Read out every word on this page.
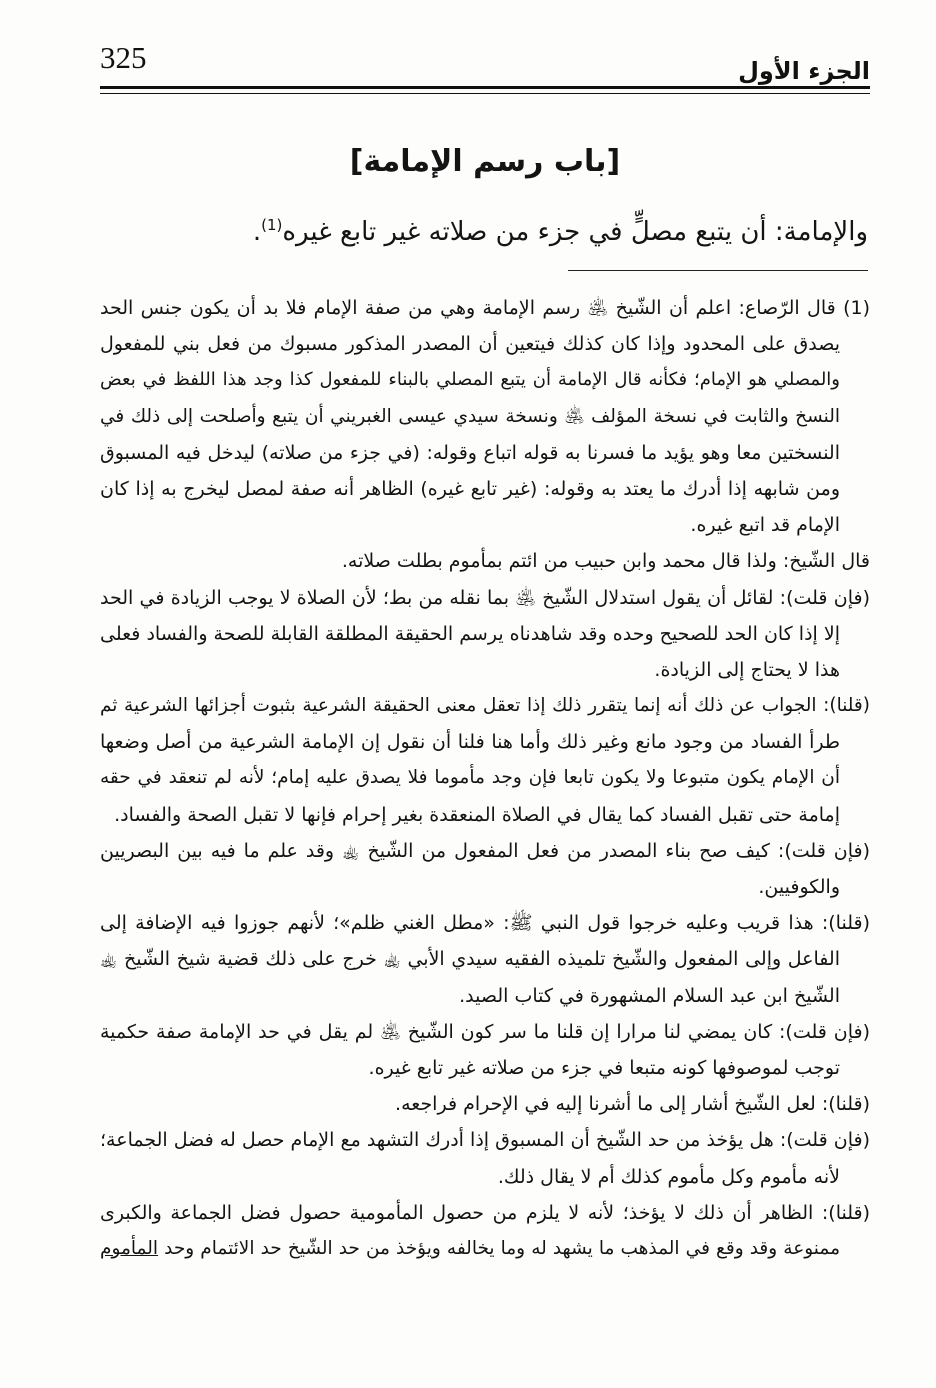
325	الجزء الأول
[باب رسم الإمامة]
والإمامة: أن يتبع مصلٍّ في جزء من صلاته غير تابع غيره$^{(1)}$.
(1) قال الرّصاع: اعلم أن الشّيخ ﵁ رسم الإمامة وهي من صفة الإمام فلا بد أن يكون جنس الحد
يصدق على المحدود وإذا كان كذلك فيتعين أن المصدر المذكور مسبوك من فعل بني للمفعول
والمصلي هو الإمام؛ فكأنه قال الإمامة أن يتبع المصلي بالبناء للمفعول كذا وجد هذا اللفظ في بعض
النسخ والثابت في نسخة المؤلف ﵁ ونسخة سيدي عيسى الغبريني أن يتبع وأصلحت إلى ذلك في
النسختين معا وهو يؤيد ما فسرنا به قوله اتباع وقوله: (في جزء من صلاته) ليدخل فيه المسبوق
ومن شابهه إذا أدرك ما يعتد به وقوله: (غير تابع غيره) الظاهر أنه صفة لمصل ليخرج به إذا كان
الإمام قد اتبع غيره.
قال الشّيخ: ولذا قال محمد وابن حبيب من ائتم بمأموم بطلت صلاته.
(فإن قلت): لقائل أن يقول استدلال الشّيخ ﵁ بما نقله من بط؛ لأن الصلاة لا يوجب الزيادة في الحد
إلا إذا كان الحد للصحيح وحده وقد شاهدناه يرسم الحقيقة المطلقة القابلة للصحة والفساد فعلى
هذا لا يحتاج إلى الزيادة.
(قلنا): الجواب عن ذلك أنه إنما يتقرر ذلك إذا تعقل معنى الحقيقة الشرعية بثبوت أجزائها الشرعية ثم
طرأ الفساد من وجود مانع وغير ذلك وأما هنا فلنا أن نقول إن الإمامة الشرعية من أصل وضعها
أن الإمام يكون متبوعا ولا يكون تابعا فإن وجد مأموما فلا يصدق عليه إمام؛ لأنه لم تنعقد في حقه
إمامة حتى تقبل الفساد كما يقال في الصلاة المنعقدة بغير إحرام فإنها لا تقبل الصحة والفساد.
(فإن قلت): كيف صح بناء المصدر من فعل المفعول من الشّيخ ﵀ وقد علم ما فيه بين البصريين
والكوفيين.
(قلنا): هذا قريب وعليه خرجوا قول النبي ﷺ: «مطل الغني ظلم»؛ لأنهم جوزوا فيه الإضافة إلى
الفاعل وإلى المفعول والشّيخ تلميذه الفقيه سيدي الأبي ﵀ خرج على ذلك قضية شيخ الشّيخ ﵀
الشّيخ ابن عبد السلام المشهورة في كتاب الصيد.
(فإن قلت): كان يمضي لنا مرارا إن قلنا ما سر كون الشّيخ ﵁ لم يقل في حد الإمامة صفة حكمية
توجب لموصوفها كونه متبعا في جزء من صلاته غير تابع غيره.
(قلنا): لعل الشّيخ أشار إلى ما أشرنا إليه في الإحرام فراجعه.
(فإن قلت): هل يؤخذ من حد الشّيخ أن المسبوق إذا أدرك التشهد مع الإمام حصل له فضل الجماعة؛
لأنه مأموم وكل مأموم كذلك أم لا يقال ذلك.
(قلنا): الظاهر أن ذلك لا يؤخذ؛ لأنه لا يلزم من حصول المأمومية حصول فضل الجماعة والكبرى
ممنوعة وقد وقع في المذهب ما يشهد له وما يخالفه ويؤخذ من حد الشّيخ حد الائتمام وحد المأموم
